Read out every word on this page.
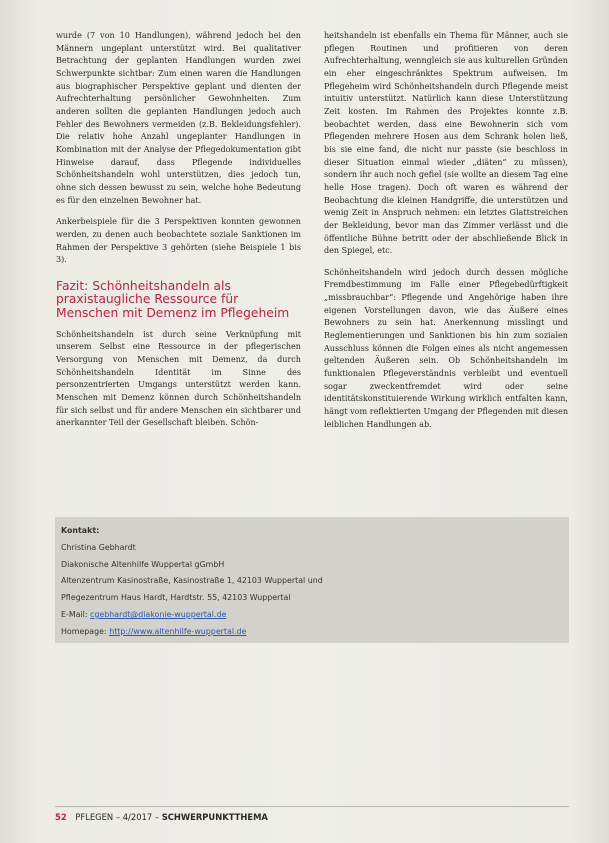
wurde (7 von 10 Handlungen), während jedoch bei den Männern ungeplant unterstützt wird. Bei qualitativer Betrachtung der geplanten Handlungen wurden zwei Schwerpunkte sichtbar: Zum einen waren die Handlungen aus biographischer Perspektive geplant und dienten der Aufrechterhaltung persönlicher Gewohnheiten. Zum anderen sollten die geplanten Handlungen jedoch auch Fehler des Bewohners vermeiden (z.B. Bekleidungsfehler). Die relativ hohe Anzahl ungeplanter Handlungen in Kombination mit der Analyse der Pflegedokumentation gibt Hinweise darauf, dass Pflegende individuelles Schönheitshandeln wohl unterstützen, dies jedoch tun, ohne sich dessen bewusst zu sein, welche hohe Bedeutung es für den einzelnen Bewohner hat.

Ankerbeispiele für die 3 Perspektiven konnten gewonnen werden, zu denen auch beobachtete soziale Sanktionen im Rahmen der Perspektive 3 gehörten (siehe Beispiele 1 bis 3).

Fazit: Schönheitshandeln als praxistaugliche Ressource für Menschen mit Demenz im Pflegeheim

Schönheitshandeln ist durch seine Verknüpfung mit unserem Selbst eine Ressource in der pflegerischen Versorgung von Menschen mit Demenz, da durch Schönheitshandeln Identität im Sinne des personzentrierten Umgangs unterstützt werden kann. Menschen mit Demenz können durch Schönheitshandeln für sich selbst und für andere Menschen ein sichtbarer und anerkannter Teil der Gesellschaft bleiben. Schön-

heitshandeln ist ebenfalls ein Thema für Männer, auch sie pflegen Routinen und profitieren von deren Aufrechterhaltung, wenngleich sie aus kulturellen Gründen ein eher eingeschränktes Spektrum aufweisen. Im Pflegeheim wird Schönheitshandeln durch Pflegende meist intuitiv unterstützt. Natürlich kann diese Unterstützung Zeit kosten. Im Rahmen des Projektes konnte z.B. beobachtet werden, dass eine Bewohnerin sich vom Pflegenden mehrere Hosen aus dem Schrank holen ließ, bis sie eine fand, die nicht nur passte (sie beschloss in dieser Situation einmal wieder „diäten“ zu müssen), sondern ihr auch noch gefiel (sie wollte an diesem Tag eine helle Hose tragen). Doch oft waren es während der Beobachtung die kleinen Handgriffe, die unterstützen und wenig Zeit in Anspruch nehmen: ein letztes Glattstreichen der Bekleidung, bevor man das Zimmer verlässt und die öffentliche Bühne betritt oder der abschließende Blick in den Spiegel, etc.

Schönheitshandeln wird jedoch durch dessen mögliche Fremdbestimmung im Falle einer Pflegebedürftigkeit „missbrauchbar“: Pflegende und Angehörige haben ihre eigenen Vorstellungen davon, wie das Äußere eines Bewohners zu sein hat. Anerkennung misslingt und Reglementierungen und Sanktionen bis hin zum sozialen Ausschluss können die Folgen eines als nicht angemessen geltenden Äußeren sein. Ob Schönheitshandeln im funktionalen Pflegeverständnis verbleibt und eventuell sogar zweckentfremdet wird oder seine identitätskonstituierende Wirkung wirklich entfalten kann, hängt vom reflektierten Umgang der Pflegenden mit diesen leiblichen Handlungen ab.

Kontakt:
Christina Gebhardt
Diakonische Altenhilfe Wuppertal gGmbH
Altenzentrum Kasinostraße, Kasinostraße 1, 42103 Wuppertal und
Pflegezentrum Haus Hardt, Hardtstr. 55, 42103 Wuppertal
E-Mail: cgebhardt@diakonie-wuppertal.de
Homepage: http://www.altenhilfe-wuppertal.de
52 PFLEGEN – 4/2017 – SCHWERPUNKTTHEMA
